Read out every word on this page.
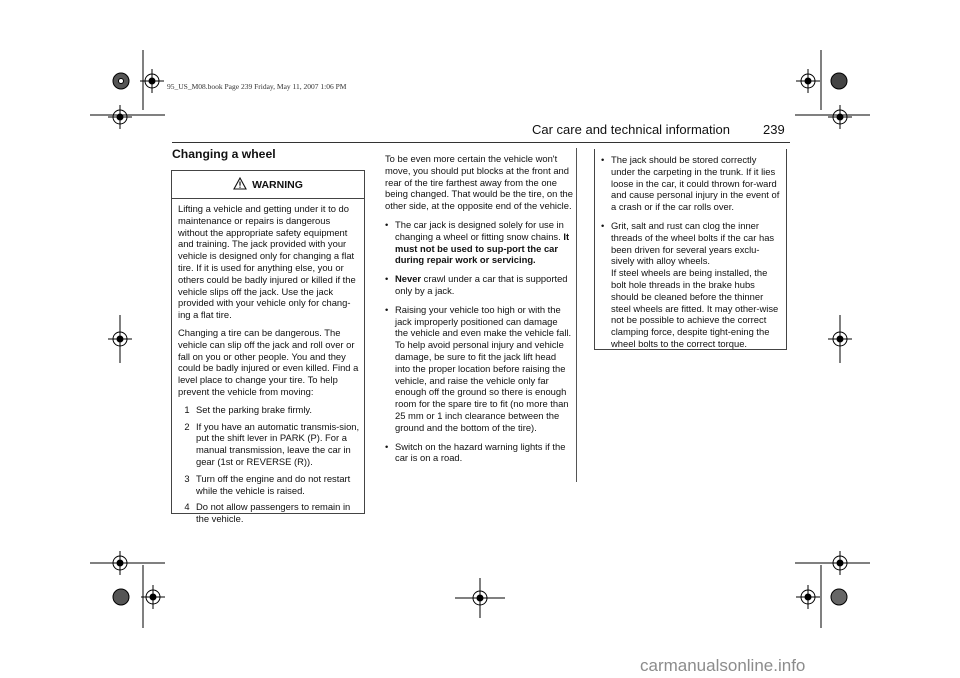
95_US_M08.book Page 239 Friday, May 11, 2007 1:06 PM
Car care and technical information	239
Changing a wheel
WARNING

Lifting a vehicle and getting under it to do maintenance or repairs is dangerous without the appropriate safety equipment and training. The jack provided with your vehicle is designed only for changing a flat tire. If it is used for anything else, you or others could be badly injured or killed if the vehicle slips off the jack. Use the jack provided with your vehicle only for chang-ing a flat tire.

Changing a tire can be dangerous. The vehicle can slip off the jack and roll over or fall on you or other people. You and they could be badly injured or even killed. Find a level place to change your tire. To help prevent the vehicle from moving:

1 Set the parking brake firmly.
2 If you have an automatic transmis-sion, put the shift lever in PARK (P). For a manual transmission, leave the car in gear (1st or REVERSE (R)).
3 Turn off the engine and do not restart while the vehicle is raised.
4 Do not allow passengers to remain in the vehicle.

To be even more certain the vehicle won't move, you should put blocks at the front and rear of the tire farthest away from the one being changed. That would be the tire, on the other side, at the opposite end of the vehicle.

• The car jack is designed solely for use in changing a wheel or fitting snow chains. It must not be used to sup-port the car during repair work or servicing.
• Never crawl under a car that is supported only by a jack.
• Raising your vehicle too high or with the jack improperly positioned can damage the vehicle and even make the vehicle fall. To help avoid personal injury and vehicle damage, be sure to fit the jack lift head into the proper location before raising the vehicle, and raise the vehicle only far enough off the ground so there is enough room for the spare tire to fit (no more than 25 mm or 1 inch clearance between the ground and the bottom of the tire).
• Switch on the hazard warning lights if the car is on a road.
• The jack should be stored correctly under the carpeting in the trunk. If it lies loose in the car, it could thrown for-ward and cause personal injury in the event of a crash or if the car rolls over.
• Grit, salt and rust can clog the inner threads of the wheel bolts if the car has been driven for several years exclu-sively with alloy wheels.
If steel wheels are being installed, the bolt hole threads in the brake hubs should be cleaned before the thinner steel wheels are fitted. It may other-wise not be possible to achieve the correct clamping force, despite tight-ening the wheel bolts to the correct torque.
carmanualsonline.info
